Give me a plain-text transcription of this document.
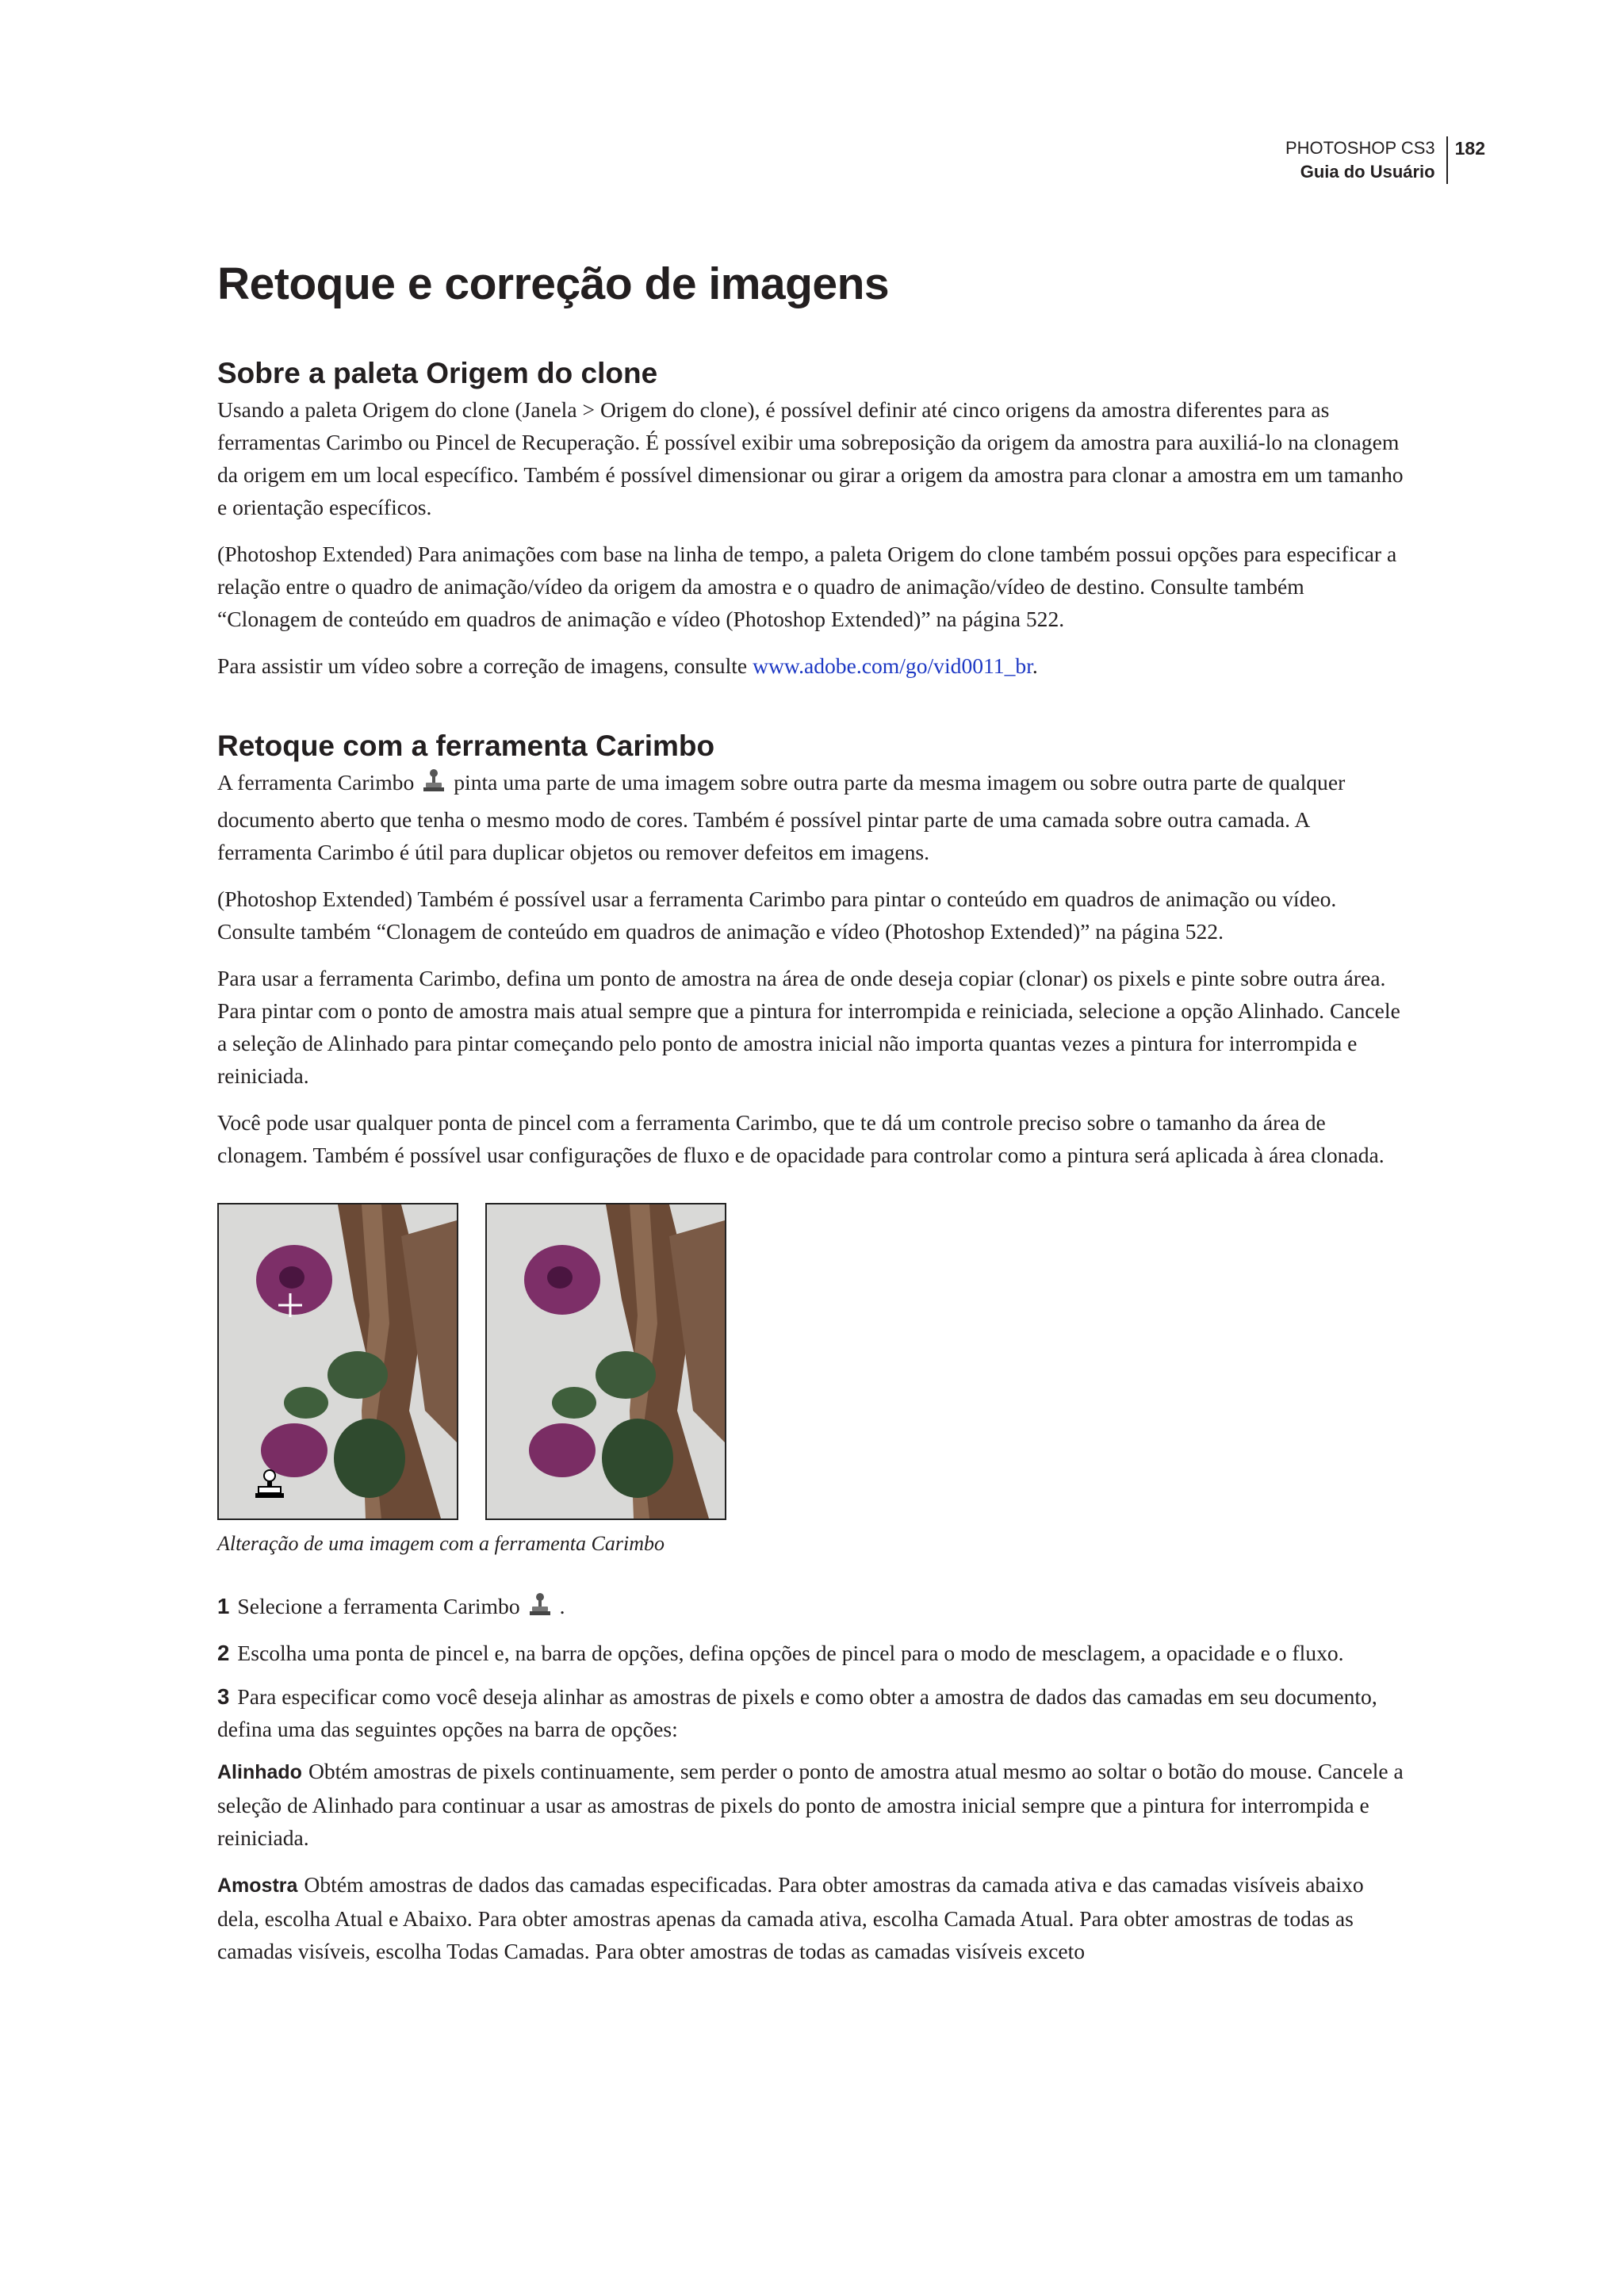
PHOTOSHOP CS3
Guia do Usuário
182
Retoque e correção de imagens
Sobre a paleta Origem do clone

Usando a paleta Origem do clone (Janela > Origem do clone), é possível definir até cinco origens da amostra diferentes para as ferramentas Carimbo ou Pincel de Recuperação. É possível exibir uma sobreposição da origem da amostra para auxiliá-lo na clonagem da origem em um local específico. Também é possível dimensionar ou girar a origem da amostra para clonar a amostra em um tamanho e orientação específicos.

(Photoshop Extended) Para animações com base na linha de tempo, a paleta Origem do clone também possui opções para especificar a relação entre o quadro de animação/vídeo da origem da amostra e o quadro de animação/vídeo de destino. Consulte também “Clonagem de conteúdo em quadros de animação e vídeo (Photoshop Extended)” na página 522.

Para assistir um vídeo sobre a correção de imagens, consulte www.adobe.com/go/vid0011_br.

Retoque com a ferramenta Carimbo

A ferramenta Carimbo pinta uma parte de uma imagem sobre outra parte da mesma imagem ou sobre outra parte de qualquer documento aberto que tenha o mesmo modo de cores. Também é possível pintar parte de uma camada sobre outra camada. A ferramenta Carimbo é útil para duplicar objetos ou remover defeitos em imagens.

(Photoshop Extended) Também é possível usar a ferramenta Carimbo para pintar o conteúdo em quadros de animação ou vídeo. Consulte também “Clonagem de conteúdo em quadros de animação e vídeo (Photoshop Extended)” na página 522.

Para usar a ferramenta Carimbo, defina um ponto de amostra na área de onde deseja copiar (clonar) os pixels e pinte sobre outra área. Para pintar com o ponto de amostra mais atual sempre que a pintura for interrompida e reiniciada, selecione a opção Alinhado. Cancele a seleção de Alinhado para pintar começando pelo ponto de amostra inicial não importa quantas vezes a pintura for interrompida e reiniciada.

Você pode usar qualquer ponta de pincel com a ferramenta Carimbo, que te dá um controle preciso sobre o tamanho da área de clonagem. Também é possível usar configurações de fluxo e de opacidade para controlar como a pintura será aplicada à área clonada.

Alteração de uma imagem com a ferramenta Carimbo

1 Selecione a ferramenta Carimbo .

2 Escolha uma ponta de pincel e, na barra de opções, defina opções de pincel para o modo de mesclagem, a opacidade e o fluxo.

3 Para especificar como você deseja alinhar as amostras de pixels e como obter a amostra de dados das camadas em seu documento, defina uma das seguintes opções na barra de opções:

Alinhado Obtém amostras de pixels continuamente, sem perder o ponto de amostra atual mesmo ao soltar o botão do mouse. Cancele a seleção de Alinhado para continuar a usar as amostras de pixels do ponto de amostra inicial sempre que a pintura for interrompida e reiniciada.

Amostra Obtém amostras de dados das camadas especificadas. Para obter amostras da camada ativa e das camadas visíveis abaixo dela, escolha Atual e Abaixo. Para obter amostras apenas da camada ativa, escolha Camada Atual. Para obter amostras de todas as camadas visíveis, escolha Todas Camadas. Para obter amostras de todas as camadas visíveis exceto
